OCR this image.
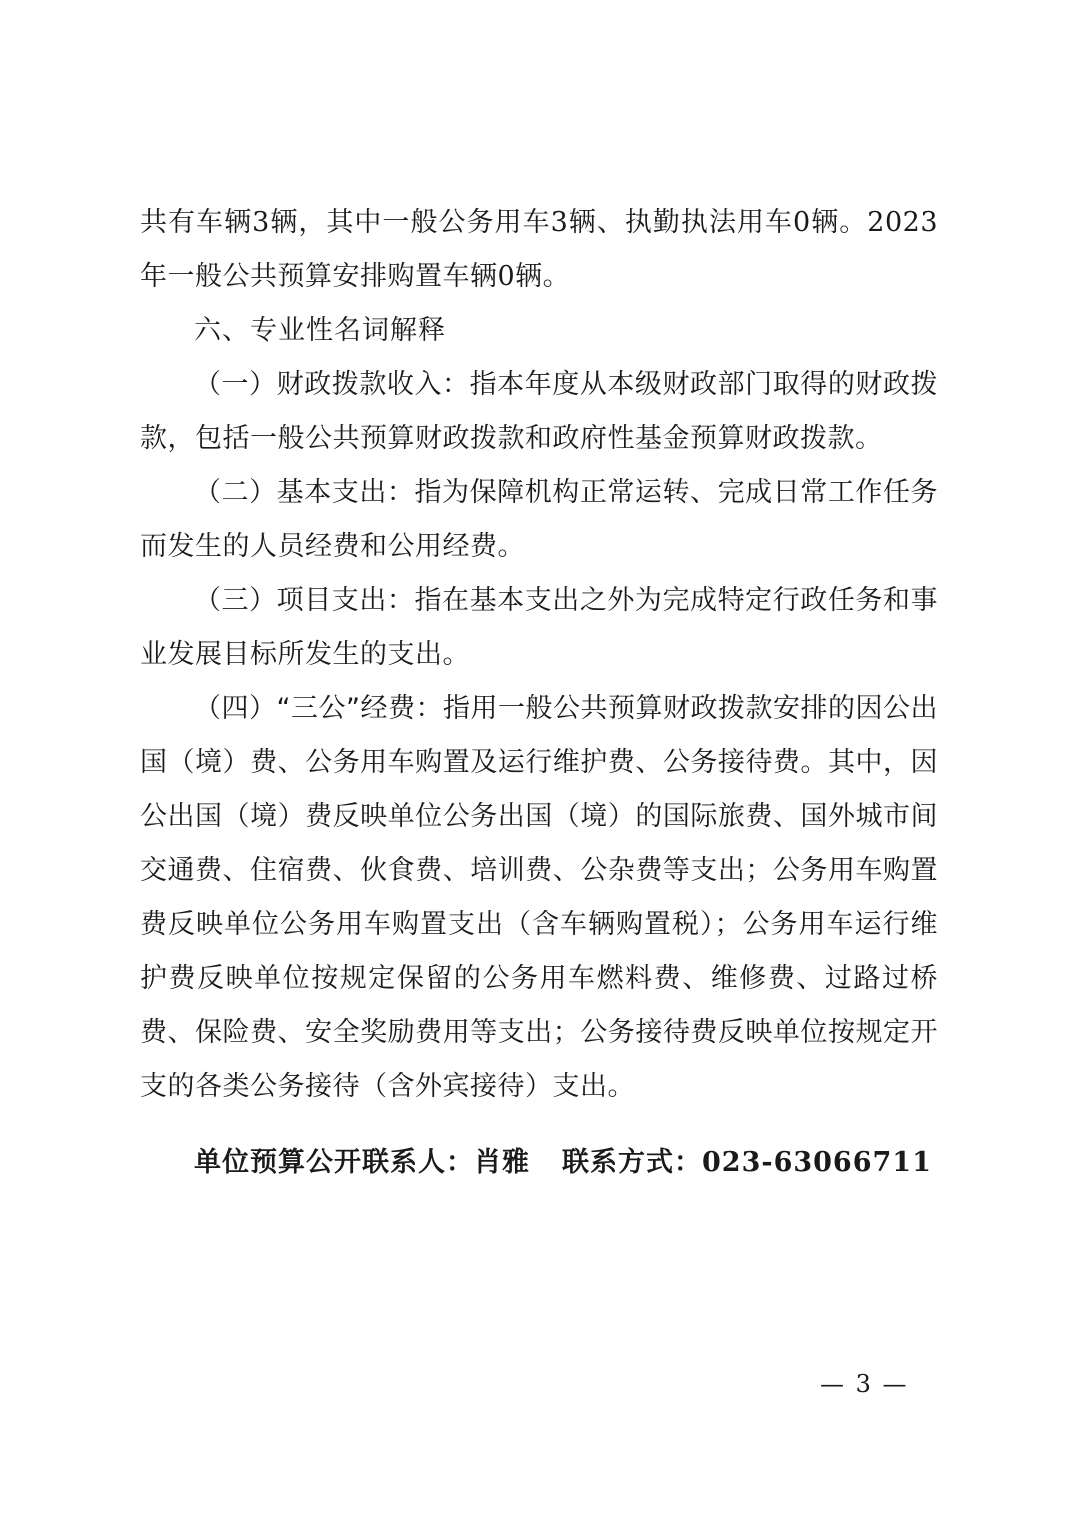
共有车辆3辆，其中一般公务用车3辆、执勤执法用车0辆。2023年一般公共预算安排购置车辆0辆。

六、专业性名词解释

（一）财政拨款收入：指本年度从本级财政部门取得的财政拨款，包括一般公共预算财政拨款和政府性基金预算财政拨款。

（二）基本支出：指为保障机构正常运转、完成日常工作任务而发生的人员经费和公用经费。

（三）项目支出：指在基本支出之外为完成特定行政任务和事业发展目标所发生的支出。

（四）“三公”经费：指用一般公共预算财政拨款安排的因公出国（境）费、公务用车购置及运行维护费、公务接待费。其中，因公出国（境）费反映单位公务出国（境）的国际旅费、国外城市间交通费、住宿费、伙食费、培训费、公杂费等支出；公务用车购置费反映单位公务用车购置支出（含车辆购置税）；公务用车运行维护费反映单位按规定保留的公务用车燃料费、维修费、过路过桥费、保险费、安全奖励费用等支出；公务接待费反映单位按规定开支的各类公务接待（含外宾接待）支出。

单位预算公开联系人：肖雅 联系方式：023-63066711
— 3 —
